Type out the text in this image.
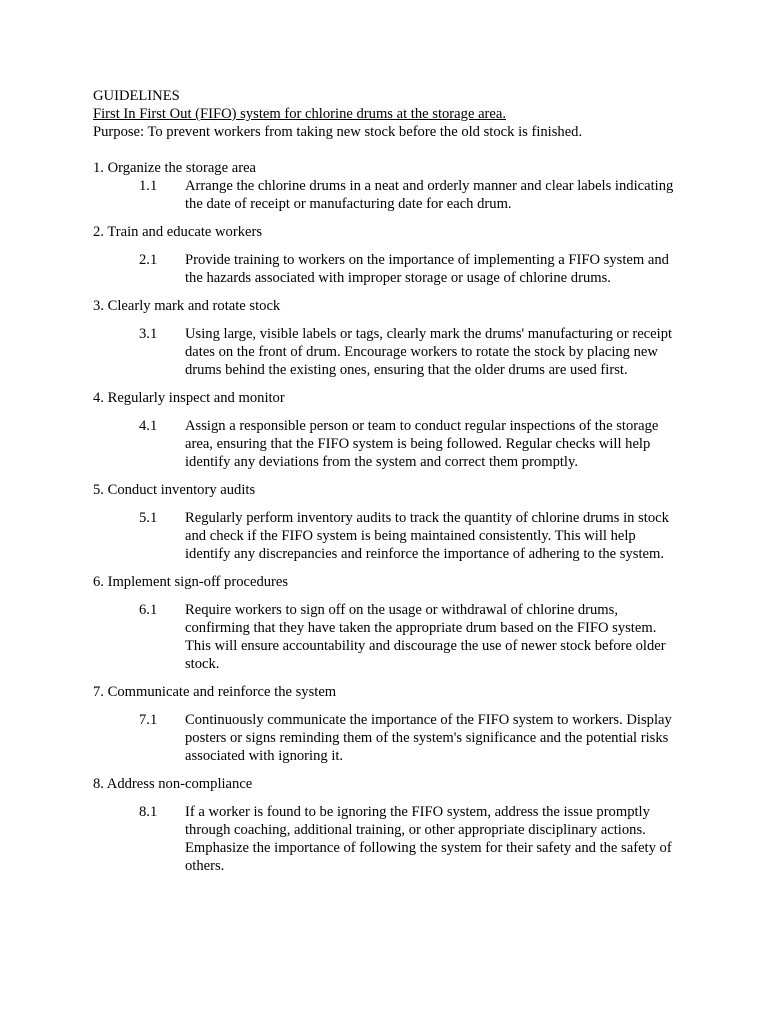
GUIDELINES

First In First Out (FIFO) system for chlorine drums at the storage area.

Purpose: To prevent workers from taking new stock before the old stock is finished.

1. Organize the storage area

1.1	Arrange the chlorine drums in a neat and orderly manner and clear labels indicating the date of receipt or manufacturing date for each drum.

2. Train and educate workers

2.1	Provide training to workers on the importance of implementing a FIFO system and the hazards associated with improper storage or usage of chlorine drums.

3. Clearly mark and rotate stock

3.1	Using large, visible labels or tags, clearly mark the drums' manufacturing or receipt dates on the front of drum. Encourage workers to rotate the stock by placing new drums behind the existing ones, ensuring that the older drums are used first.

4. Regularly inspect and monitor

4.1	Assign a responsible person or team to conduct regular inspections of the storage area, ensuring that the FIFO system is being followed. Regular checks will help identify any deviations from the system and correct them promptly.

5. Conduct inventory audits

5.1	Regularly perform inventory audits to track the quantity of chlorine drums in stock and check if the FIFO system is being maintained consistently. This will help identify any discrepancies and reinforce the importance of adhering to the system.

6. Implement sign-off procedures

6.1	Require workers to sign off on the usage or withdrawal of chlorine drums, confirming that they have taken the appropriate drum based on the FIFO system. This will ensure accountability and discourage the use of newer stock before older stock.

7. Communicate and reinforce the system

7.1	Continuously communicate the importance of the FIFO system to workers. Display posters or signs reminding them of the system's significance and the potential risks associated with ignoring it.

8. Address non-compliance

8.1	If a worker is found to be ignoring the FIFO system, address the issue promptly through coaching, additional training, or other appropriate disciplinary actions. Emphasize the importance of following the system for their safety and the safety of others.
